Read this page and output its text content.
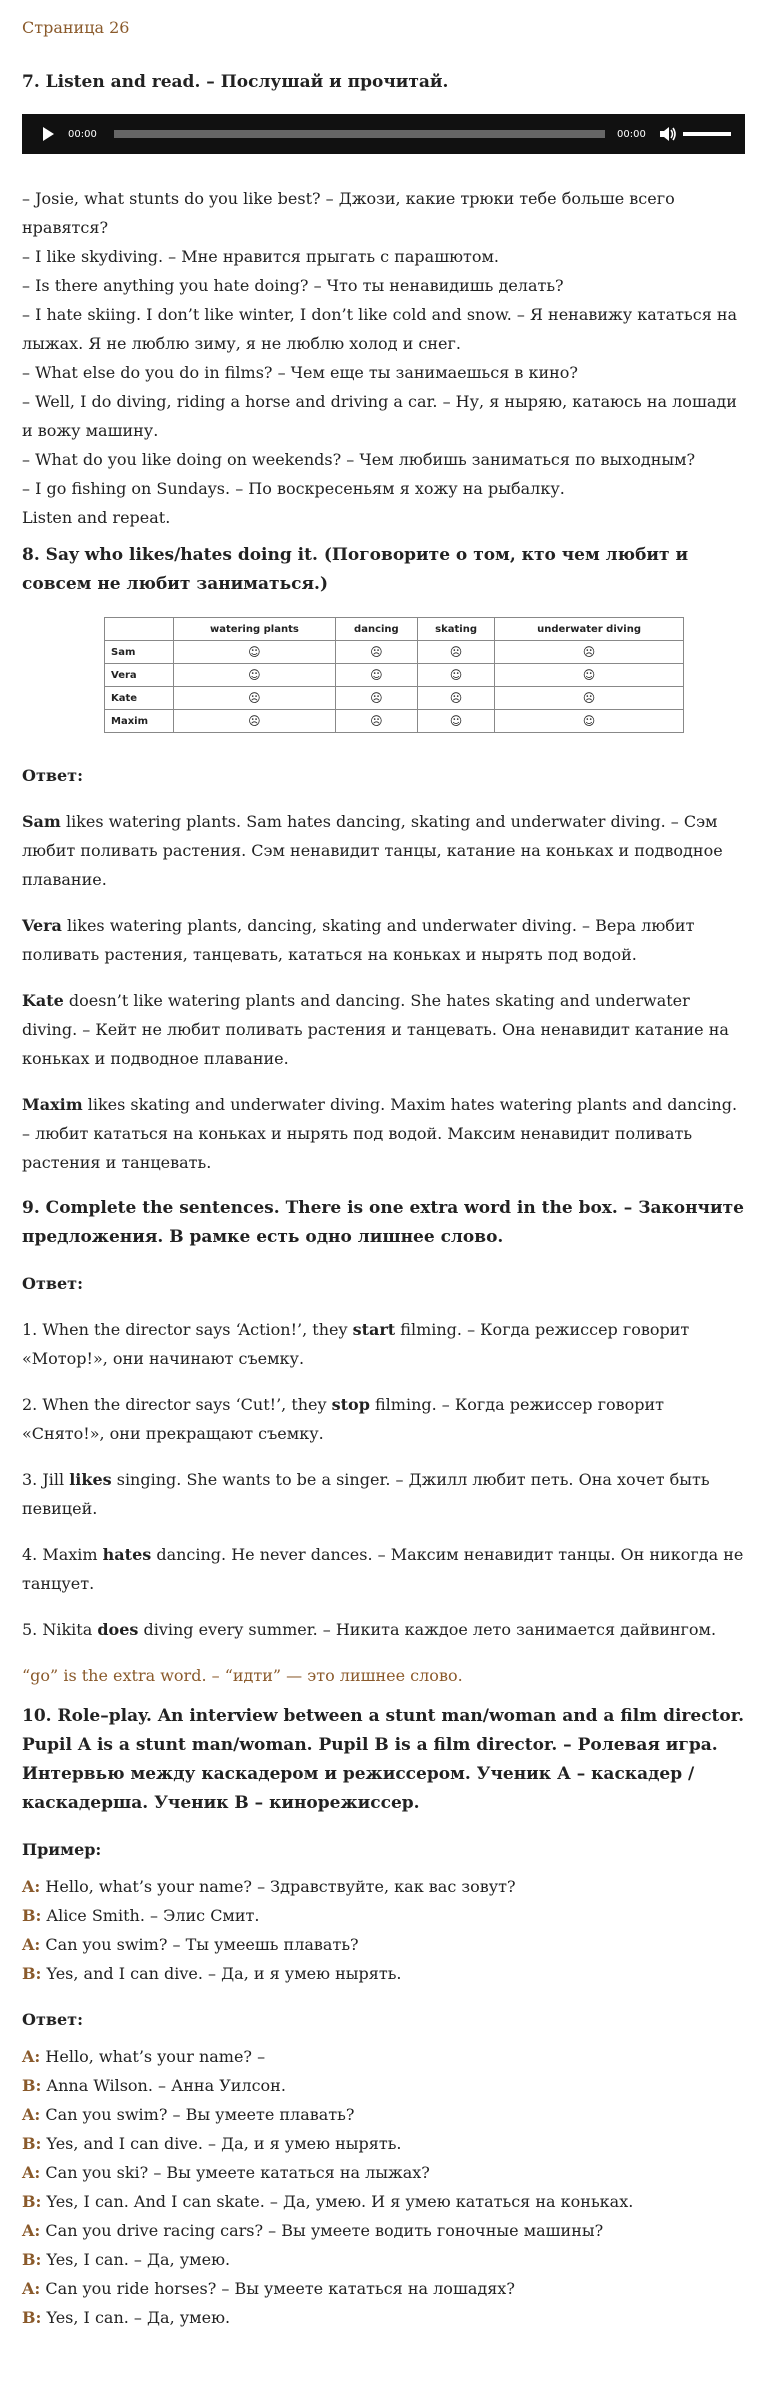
Страница 26
7. Listen and read. – Послушай и прочитай.
00:00	00:00

– Josie, what stunts do you like best? – Джози, какие трюки тебе больше всего нравятся?

– I like skydiving. – Мне нравится прыгать с парашютом.

– Is there anything you hate doing? – Что ты ненавидишь делать?

– I hate skiing. I don’t like winter, I don’t like cold and snow. – Я ненавижу кататься на лыжах. Я не люблю зиму, я не люблю холод и снег.

– What else do you do in films? – Чем еще ты занимаешься в кино?

– Well, I do diving, riding a horse and driving a car. – Ну, я ныряю, катаюсь на лошади и вожу машину.

– What do you like doing on weekends? – Чем любишь заниматься по выходным?

– I go fishing on Sundays. – По воскресеньям я хожу на рыбалку.

Listen and repeat.

8. Say who likes/hates doing it. (Поговорите о том, кто чем любит и совсем не любит заниматься.)
	watering plants	dancing	skating	underwater diving
Sam	☺	☹	☹	☹
Vera	☺	☺	☺	☺
Kate	☹	☹	☹	☹
Maxim	☹	☹	☺	☺

Ответ:

Sam likes watering plants. Sam hates dancing, skating and underwater diving. – Сэм любит поливать растения. Сэм ненавидит танцы, катание на коньках и подводное плавание.

Vera likes watering plants, dancing, skating and underwater diving. – Вера любит поливать растения, танцевать, кататься на коньках и нырять под водой.

Kate doesn’t like watering plants and dancing. She hates skating and underwater diving. – Кейт не любит поливать растения и танцевать. Она ненавидит катание на коньках и подводное плавание.

Maxim likes skating and underwater diving. Maxim hates watering plants and dancing. – любит кататься на коньках и нырять под водой. Максим ненавидит поливать растения и танцевать.

9. Complete the sentences. There is one extra word in the box. – Закончите предложения. В рамке есть одно лишнее слово.

Ответ:

1. When the director says ‘Action!’, they start filming. – Когда режиссер говорит «Мотор!», они начинают съемку.

2. When the director says ‘Cut!’, they stop filming. – Когда режиссер говорит «Снято!», они прекращают съемку.

3. Jill likes singing. She wants to be a singer. – Джилл любит петь. Она хочет быть певицей.

4. Maxim hates dancing. He never dances. – Максим ненавидит танцы. Он никогда не танцует.

5. Nikita does diving every summer. – Никита каждое лето занимается дайвингом.

“go” is the extra word. – “идти” — это лишнее слово.

10. Role–play. An interview between a stunt man/woman and a film director. Pupil A is a stunt man/woman. Pupil B is a film director. – Ролевая игра. Интервью между каскадером и режиссером. Ученик А – каскадер / каскадерша. Ученик В – кинорежиссер.

Пример:

A: Hello, what’s your name? – Здравствуйте, как вас зовут?

B: Alice Smith. – Элис Смит.

A: Can you swim? – Ты умеешь плавать?

B: Yes, and I can dive. – Да, и я умею нырять.

Ответ:

A: Hello, what’s your name? –

B: Anna Wilson. – Анна Уилсон.

A: Can you swim? – Вы умеете плавать?

B: Yes, and I can dive. – Да, и я умею нырять.

A: Can you ski? – Вы умеете кататься на лыжах?

B: Yes, I can. And I can skate. – Да, умею. И я умею кататься на коньках.

A: Can you drive racing cars? – Вы умеете водить гоночные машины?

B: Yes, I can. – Да, умею.

A: Can you ride horses? – Вы умеете кататься на лошадях?

B: Yes, I can. – Да, умею.
